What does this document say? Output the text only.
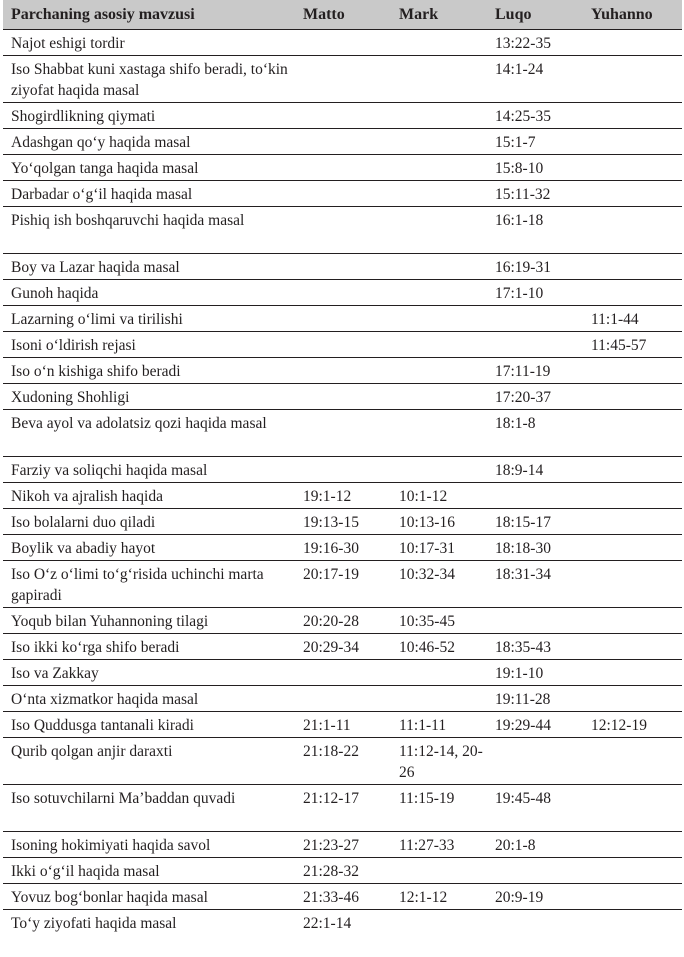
Parchaning asosiy mavzusi	Matto	Mark	Luqo	Yuhanno
Najot eshigi tordir			13:22-35	
Iso Shabbat kuni xastaga shifo beradi, to‘kin ziyofat haqida masal			14:1-24	
Shogirdlikning qiymati			14:25-35	
Adashgan qo‘y haqida masal			15:1-7	
Yo‘qolgan tanga haqida masal			15:8-10	
Darbadar o‘g‘il haqida masal			15:11-32	
Pishiq ish boshqaruvchi haqida masal			16:1-18	
Boy va Lazar haqida masal			16:19-31	
Gunoh haqida			17:1-10	
Lazarning o‘limi va tirilishi				11:1-44
Isoni o‘ldirish rejasi				11:45-57
Iso o‘n kishiga shifo beradi			17:11-19	
Xudoning Shohligi			17:20-37	
Beva ayol va adolatsiz qozi haqida masal			18:1-8	
Farziy va soliqchi haqida masal			18:9-14	
Nikoh va ajralish haqida	19:1-12	10:1-12		
Iso bolalarni duo qiladi	19:13-15	10:13-16	18:15-17	
Boylik va abadiy hayot	19:16-30	10:17-31	18:18-30	
Iso O‘z o‘limi to‘g‘risida uchinchi marta gapiradi	20:17-19	10:32-34	18:31-34	
Yoqub bilan Yuhannoning tilagi	20:20-28	10:35-45		
Iso ikki ko‘rga shifo beradi	20:29-34	10:46-52	18:35-43	
Iso va Zakkay			19:1-10	
O‘nta xizmatkor haqida masal			19:11-28	
Iso Quddusga tantanali kiradi	21:1-11	11:1-11	19:29-44	12:12-19
Qurib qolgan anjir daraxti	21:18-22	11:12-14, 20-26		
Iso sotuvchilarni Ma’baddan quvadi	21:12-17	11:15-19	19:45-48	
Isoning hokimiyati haqida savol	21:23-27	11:27-33	20:1-8	
Ikki o‘g‘il haqida masal	21:28-32			
Yovuz bog‘bonlar haqida masal	21:33-46	12:1-12	20:9-19	
To‘y ziyofati haqida masal	22:1-14			
